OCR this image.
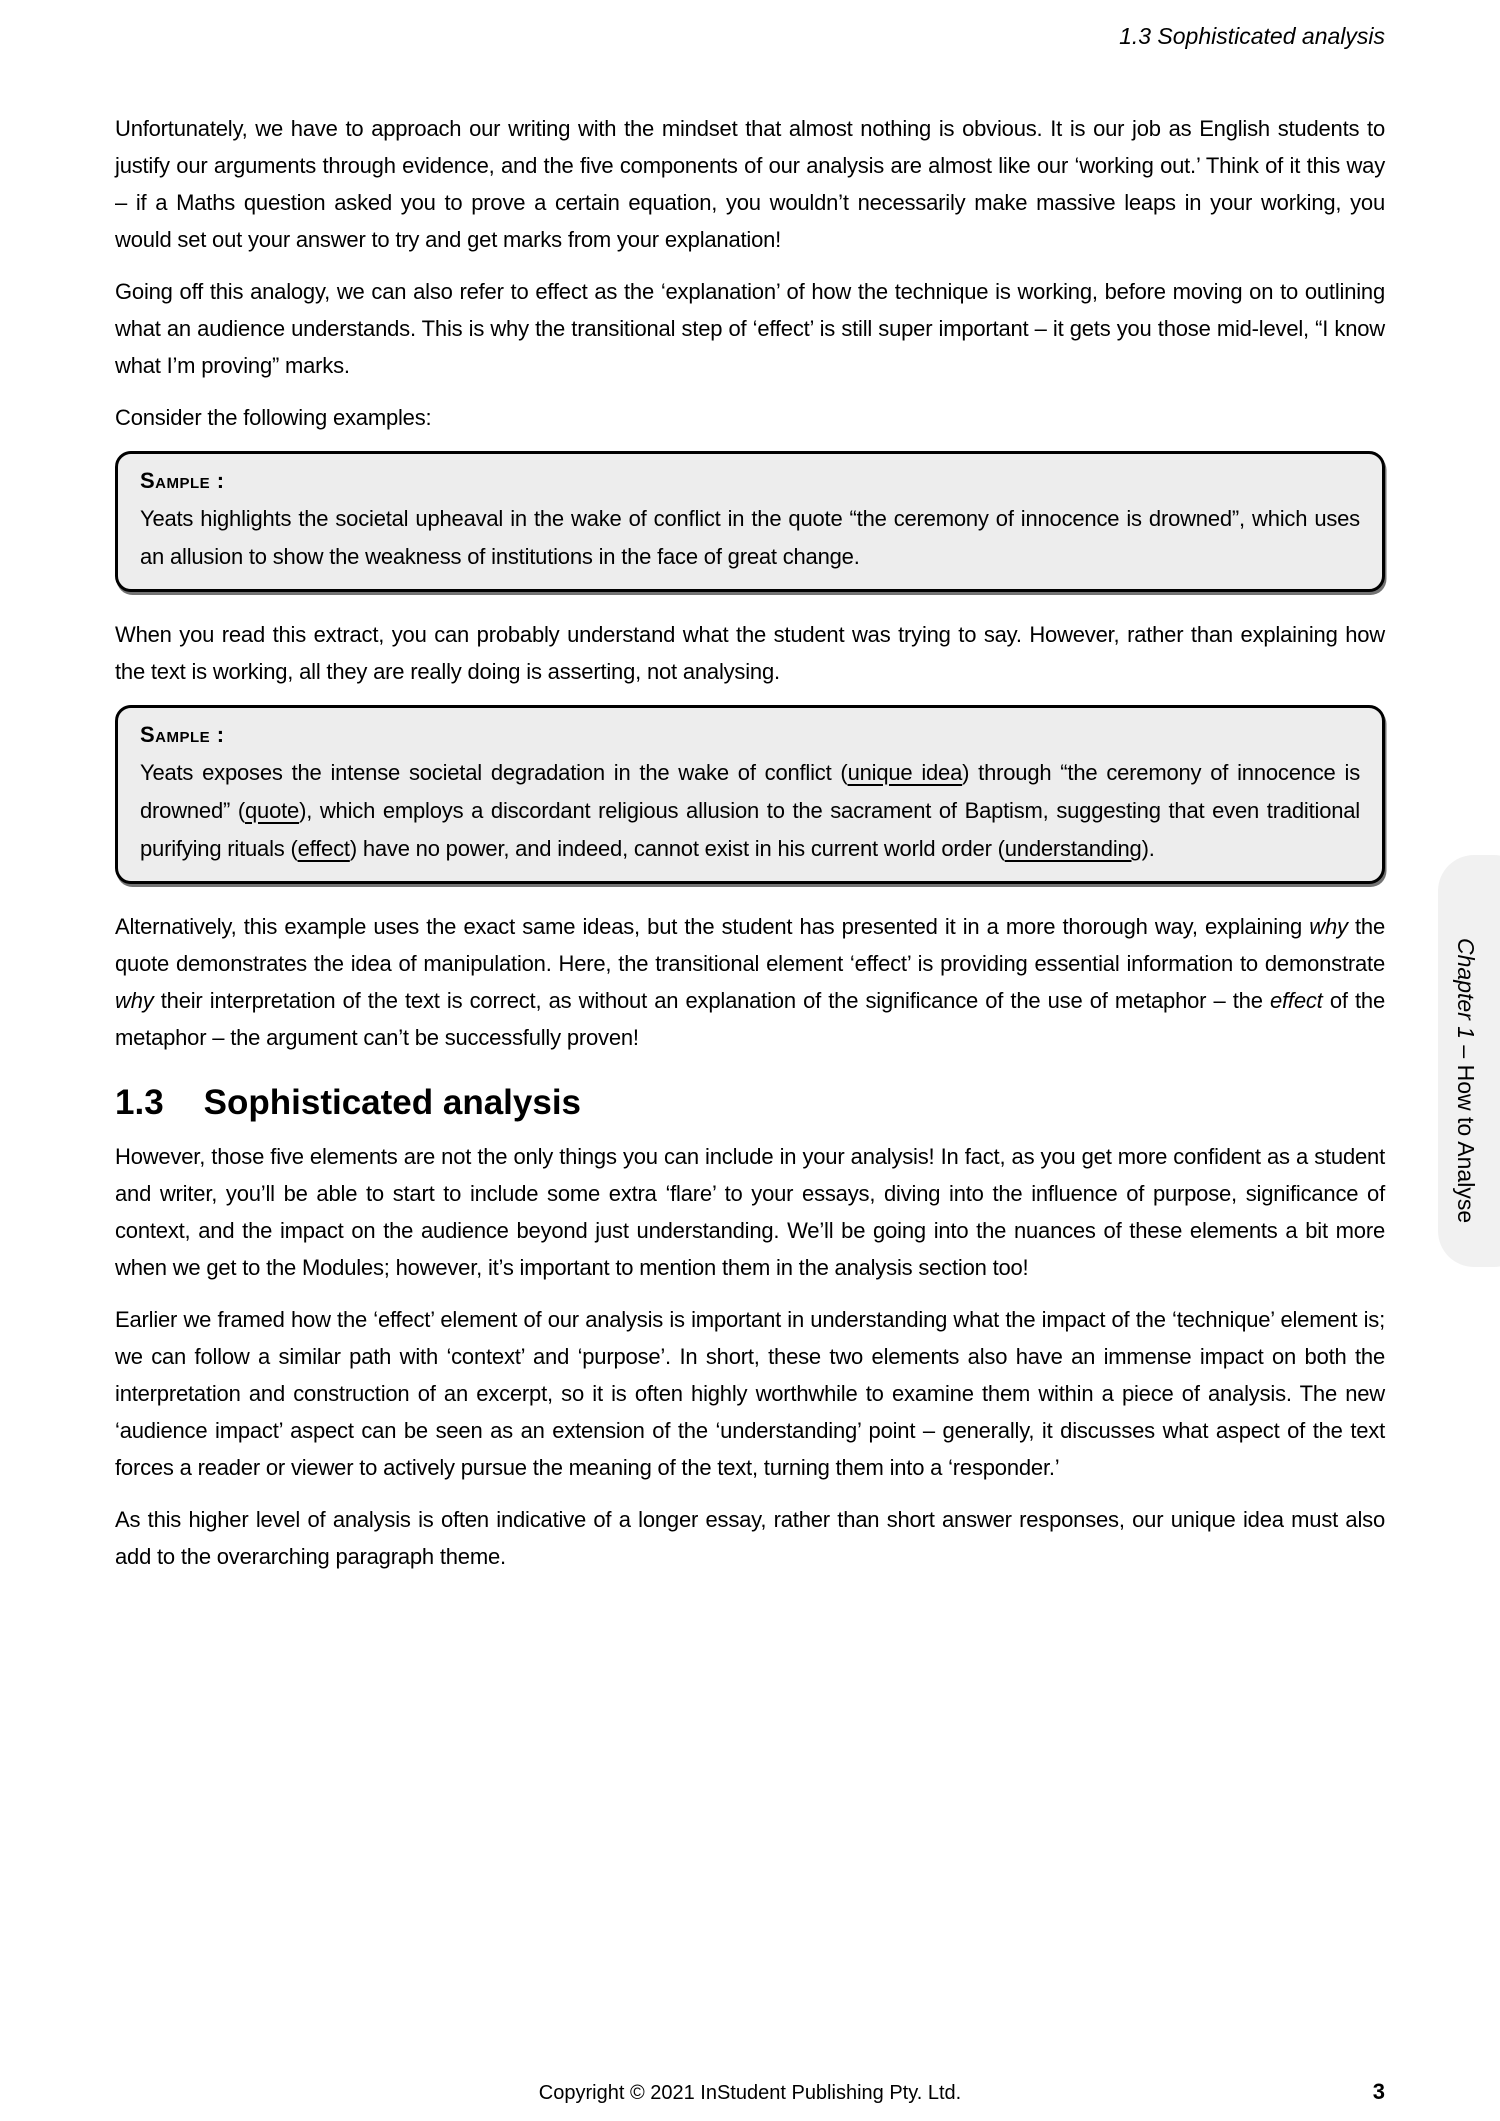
1.3 Sophisticated analysis

Unfortunately, we have to approach our writing with the mindset that almost nothing is obvious. It is our job as English students to justify our arguments through evidence, and the five components of our analysis are almost like our ‘working out.’ Think of it this way – if a Maths question asked you to prove a certain equation, you wouldn’t necessarily make massive leaps in your working, you would set out your answer to try and get marks from your explanation!

Going off this analogy, we can also refer to effect as the ‘explanation’ of how the technique is working, before moving on to outlining what an audience understands. This is why the transitional step of ‘effect’ is still super important – it gets you those mid-level, “I know what I’m proving” marks.

Consider the following examples:

Sample :
Yeats highlights the societal upheaval in the wake of conflict in the quote “the ceremony of innocence is drowned”, which uses an allusion to show the weakness of institutions in the face of great change.

When you read this extract, you can probably understand what the student was trying to say. However, rather than explaining how the text is working, all they are really doing is asserting, not analysing.

Sample :
Yeats exposes the intense societal degradation in the wake of conflict (unique idea) through “the ceremony of innocence is drowned” (quote), which employs a discordant religious allusion to the sacrament of Baptism, suggesting that even traditional purifying rituals (effect) have no power, and indeed, cannot exist in his current world order (understanding).

Alternatively, this example uses the exact same ideas, but the student has presented it in a more thorough way, explaining why the quote demonstrates the idea of manipulation. Here, the transitional element ‘effect’ is providing essential information to demonstrate why their interpretation of the text is correct, as without an explanation of the significance of the use of metaphor – the effect of the metaphor – the argument can’t be successfully proven!

1.3 Sophisticated analysis

However, those five elements are not the only things you can include in your analysis! In fact, as you get more confident as a student and writer, you’ll be able to start to include some extra ‘flare’ to your essays, diving into the influence of purpose, significance of context, and the impact on the audience beyond just understanding. We’ll be going into the nuances of these elements a bit more when we get to the Modules; however, it’s important to mention them in the analysis section too!

Earlier we framed how the ‘effect’ element of our analysis is important in understanding what the impact of the ‘technique’ element is; we can follow a similar path with ‘context’ and ‘purpose’. In short, these two elements also have an immense impact on both the interpretation and construction of an excerpt, so it is often highly worthwhile to examine them within a piece of analysis. The new ‘audience impact’ aspect can be seen as an extension of the ‘understanding’ point – generally, it discusses what aspect of the text forces a reader or viewer to actively pursue the meaning of the text, turning them into a ‘responder.’

As this higher level of analysis is often indicative of a longer essay, rather than short answer responses, our unique idea must also add to the overarching paragraph theme.

Chapter 1 – How to Analyse
Copyright © 2021 InStudent Publishing Pty. Ltd.	3
